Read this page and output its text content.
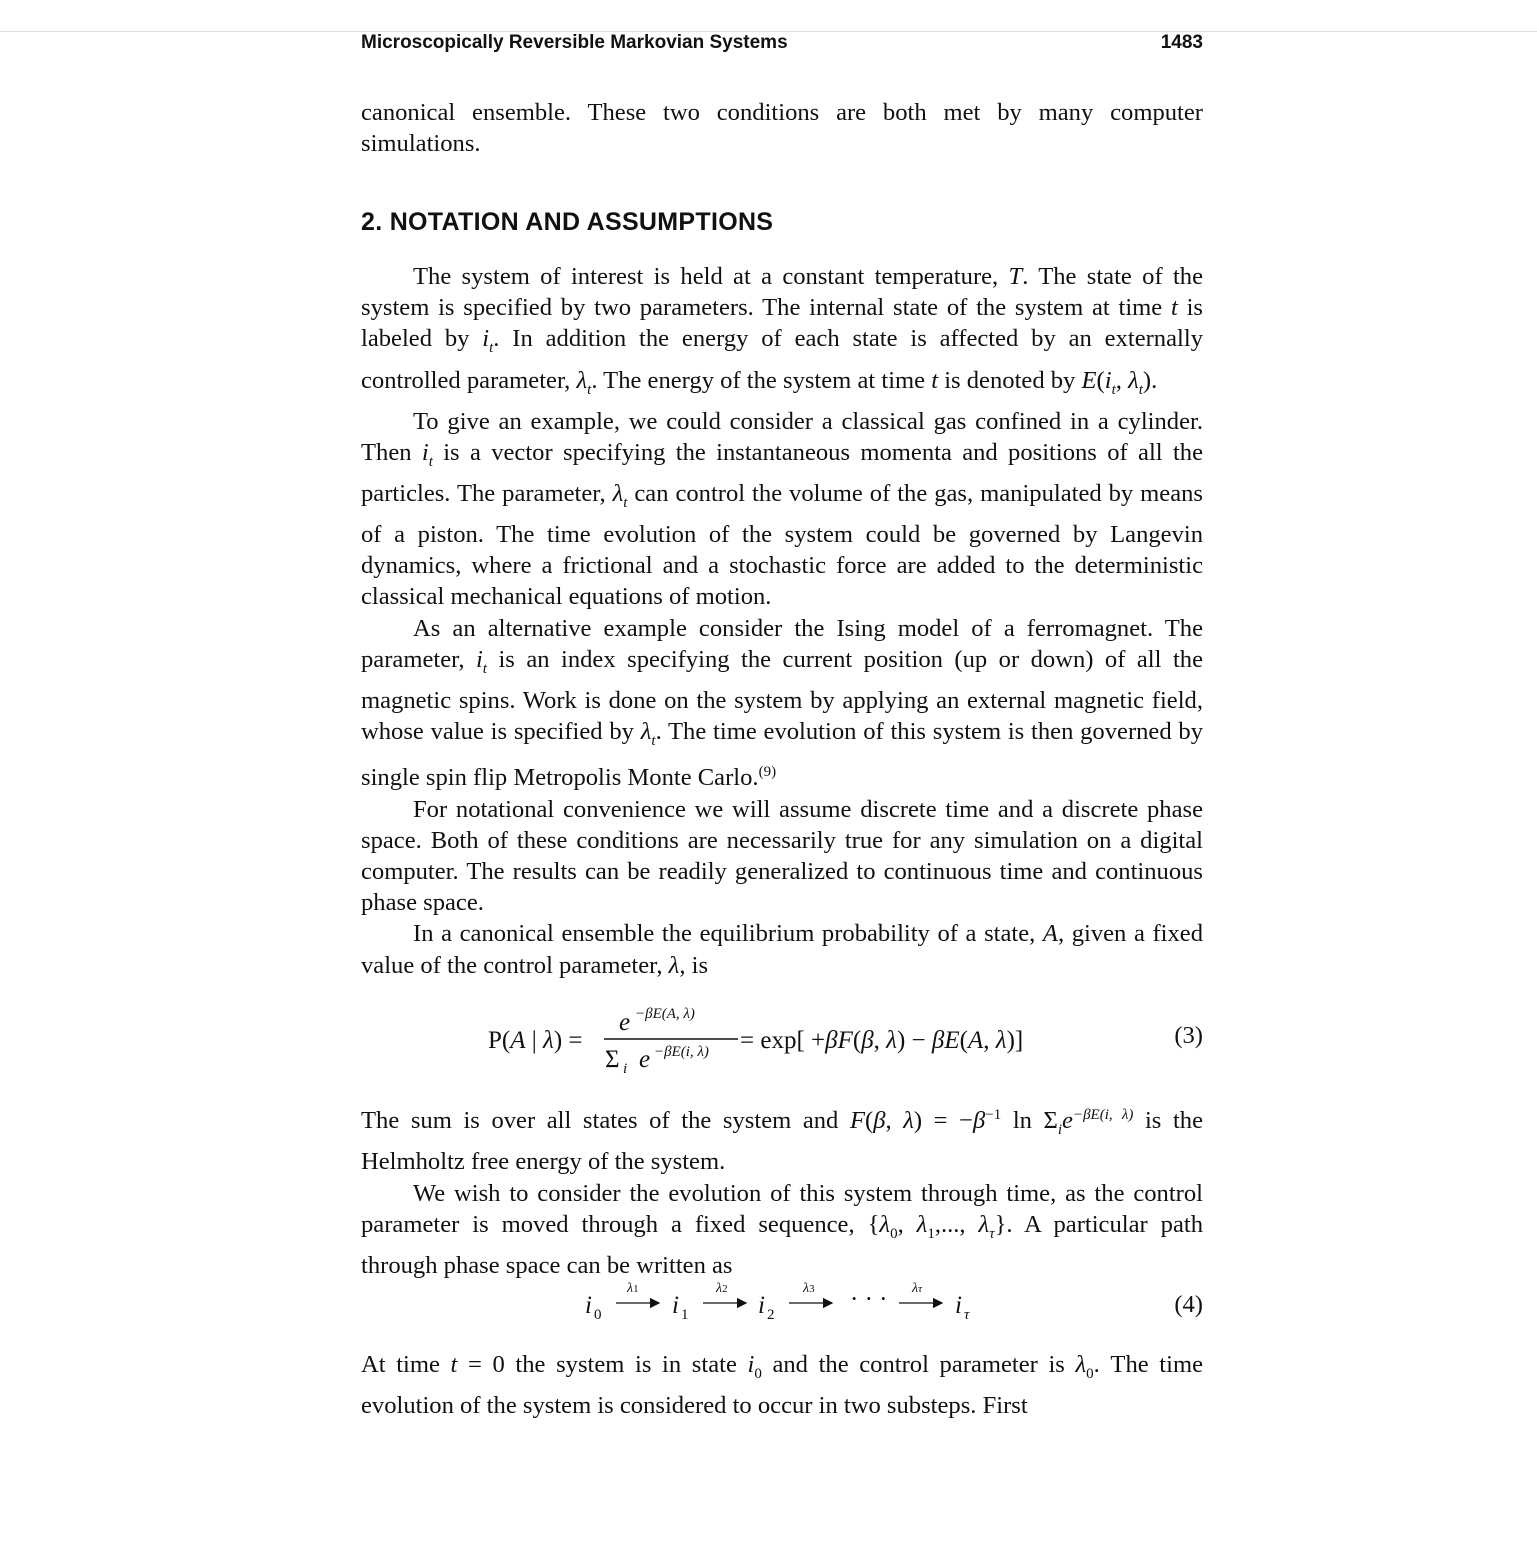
Microscopically Reversible Markovian Systems	1483

canonical ensemble. These two conditions are both met by many computer

simulations.

2. NOTATION AND ASSUMPTIONS

The system of interest is held at a constant temperature, T. The state of the system is specified by two parameters. The internal state of the system at time t is labeled by $i_t$. In addition the energy of each state is affected by an externally controlled parameter, $\lambda_t$. The energy of the system at time t is denoted by $E(i_t$, $\lambda_t$).

To give an example, we could consider a classical gas confined in a cylinder. Then $i_t$ is a vector specifying the instantaneous momenta and positions of all the particles. The parameter, $\lambda_t$ can control the volume of the gas, manipulated by means of a piston. The time evolution of the system could be governed by Langevin dynamics, where a frictional and a stochastic force are added to the deterministic classical mechanical equations of motion.

As an alternative example consider the Ising model of a ferromagnet. The parameter, $i_t$ is an index specifying the current position (up or down) of all the magnetic spins. Work is done on the system by applying an external magnetic field, whose value is specified by $\lambda_t$. The time evolution of this system is then governed by single spin flip Metropolis Monte Carlo.$^{(9)}$

For notational convenience we will assume discrete time and a discrete phase space. Both of these conditions are necessarily true for any simulation on a digital computer. The results can be readily generalized to continuous time and continuous phase space.

In a canonical ensemble the equilibrium probability of a state, A, given a fixed value of the control parameter, λ, is

P(A | λ) =
e −βE(A, λ)
Σ i e −βE(i, λ) = exp[ +βF(β, λ) − βE(A, λ)]	(3)

The sum is over all states of the system and F(β, $\lambda) = -\beta^{-1}$ $\ln \Sigma_ie^{-\beta E(i, \lambda)}$ is the Helmholtz free energy of the system.

We wish to consider the evolution of this system through time, as the control parameter is moved through a fixed sequence, {$\lambda_0$, $\lambda_1$,..., $\lambda_\tau$}. A particular path through phase space can be written as

i 0
λ1
i 1
λ2
i 2
λ3 · · · λτ
i τ	(4)

At time t = 0 the system is in state $i_0$ and the control parameter is $\lambda_0$. The time evolution of the system is considered to occur in two substeps. First
